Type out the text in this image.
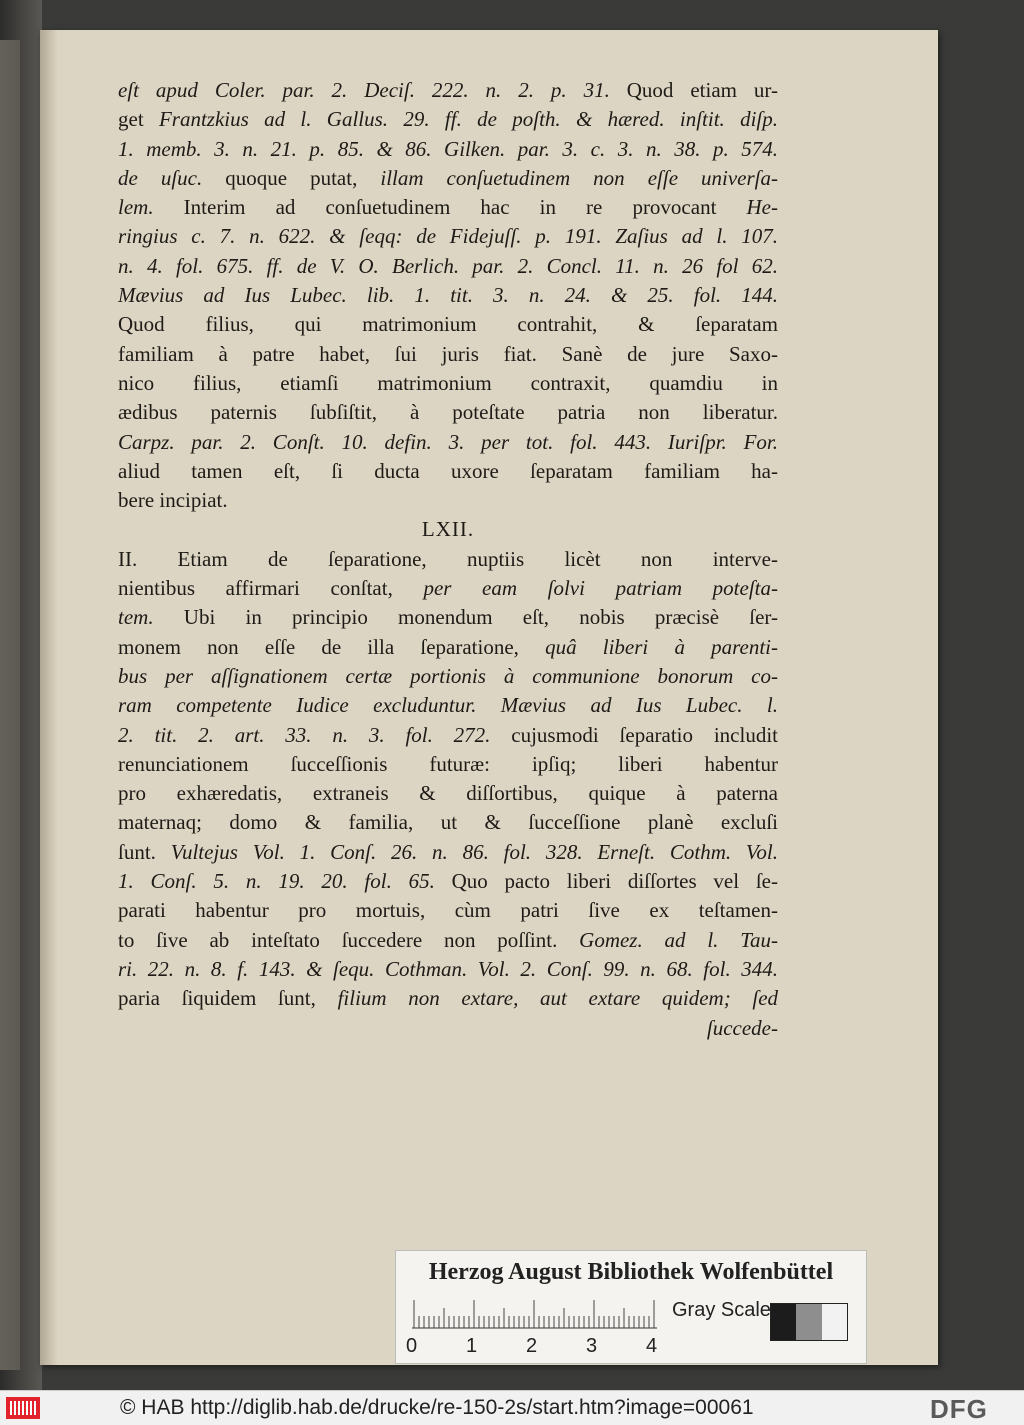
eſt apud Coler. par. 2. Deciſ. 222. n. 2. p. 31. Quod etiam ur-
get Frantzkius ad l. Gallus. 29. ff. de poſth. & hæred. inſtit. diſp.
1. memb. 3. n. 21. p. 85. & 86. Gilken. par. 3. c. 3. n. 38. p. 574.
de uſuc. quoque putat, illam conſuetudinem non eſſe univerſa-
lem. Interim ad conſuetudinem hac in re provocant He-
ringius c. 7. n. 622. & ſeqq: de Fidejuſſ. p. 191. Zaſius ad l. 107.
n. 4. fol. 675. ff. de V. O. Berlich. par. 2. Concl. 11. n. 26 fol 62.
Mævius ad Ius Lubec. lib. 1. tit. 3. n. 24. & 25. fol. 144.
Quod filius, qui matrimonium contrahit, & ſeparatam
familiam à patre habet, ſui juris fiat. Sanè de jure Saxo-
nico filius, etiamſi matrimonium contraxit, quamdiu in
ædibus paternis ſubſiſtit, à poteſtate patria non liberatur.
Carpz. par. 2. Conſt. 10. defin. 3. per tot. fol. 443. Iuriſpr. For.
aliud tamen eſt, ſi ducta uxore ſeparatam familiam ha-
bere incipiat.
LXII.
II. Etiam de ſeparatione, nuptiis licèt non interve-
nientibus affirmari conſtat, per eam ſolvi patriam poteſta-
tem. Ubi in principio monendum eſt, nobis præcisè ſer-
monem non eſſe de illa ſeparatione, quâ liberi à parenti-
bus per aſſignationem certæ portionis à communione bonorum co-
ram competente Iudice excluduntur. Mævius ad Ius Lubec. l.
2. tit. 2. art. 33. n. 3. fol. 272. cujusmodi ſeparatio includit
renunciationem ſucceſſionis futuræ: ipſiq; liberi habentur
pro exhæredatis, extraneis & diſſortibus, quique à paterna
maternaq; domo & familia, ut & ſucceſſione planè excluſi
ſunt. Vultejus Vol. 1. Conſ. 26. n. 86. fol. 328. Erneſt. Cothm. Vol.
1. Conſ. 5. n. 19. 20. fol. 65. Quo pacto liberi diſſortes vel ſe-
parati habentur pro mortuis, cùm patri ſive ex teſtamen-
to ſive ab inteſtato ſuccedere non poſſint. Gomez. ad l. Tau-
ri. 22. n. 8. f. 143. & ſequ. Cothman. Vol. 2. Conſ. 99. n. 68. fol. 344.
paria ſiquidem ſunt, filium non extare, aut extare quidem; ſed
ſuccede-
Herzog August Bibliothek Wolfenbüttel
0 1 2 3 4
Gray Scale
© HAB http://diglib.hab.de/drucke/re-150-2s/start.htm?image=00061	DFG
